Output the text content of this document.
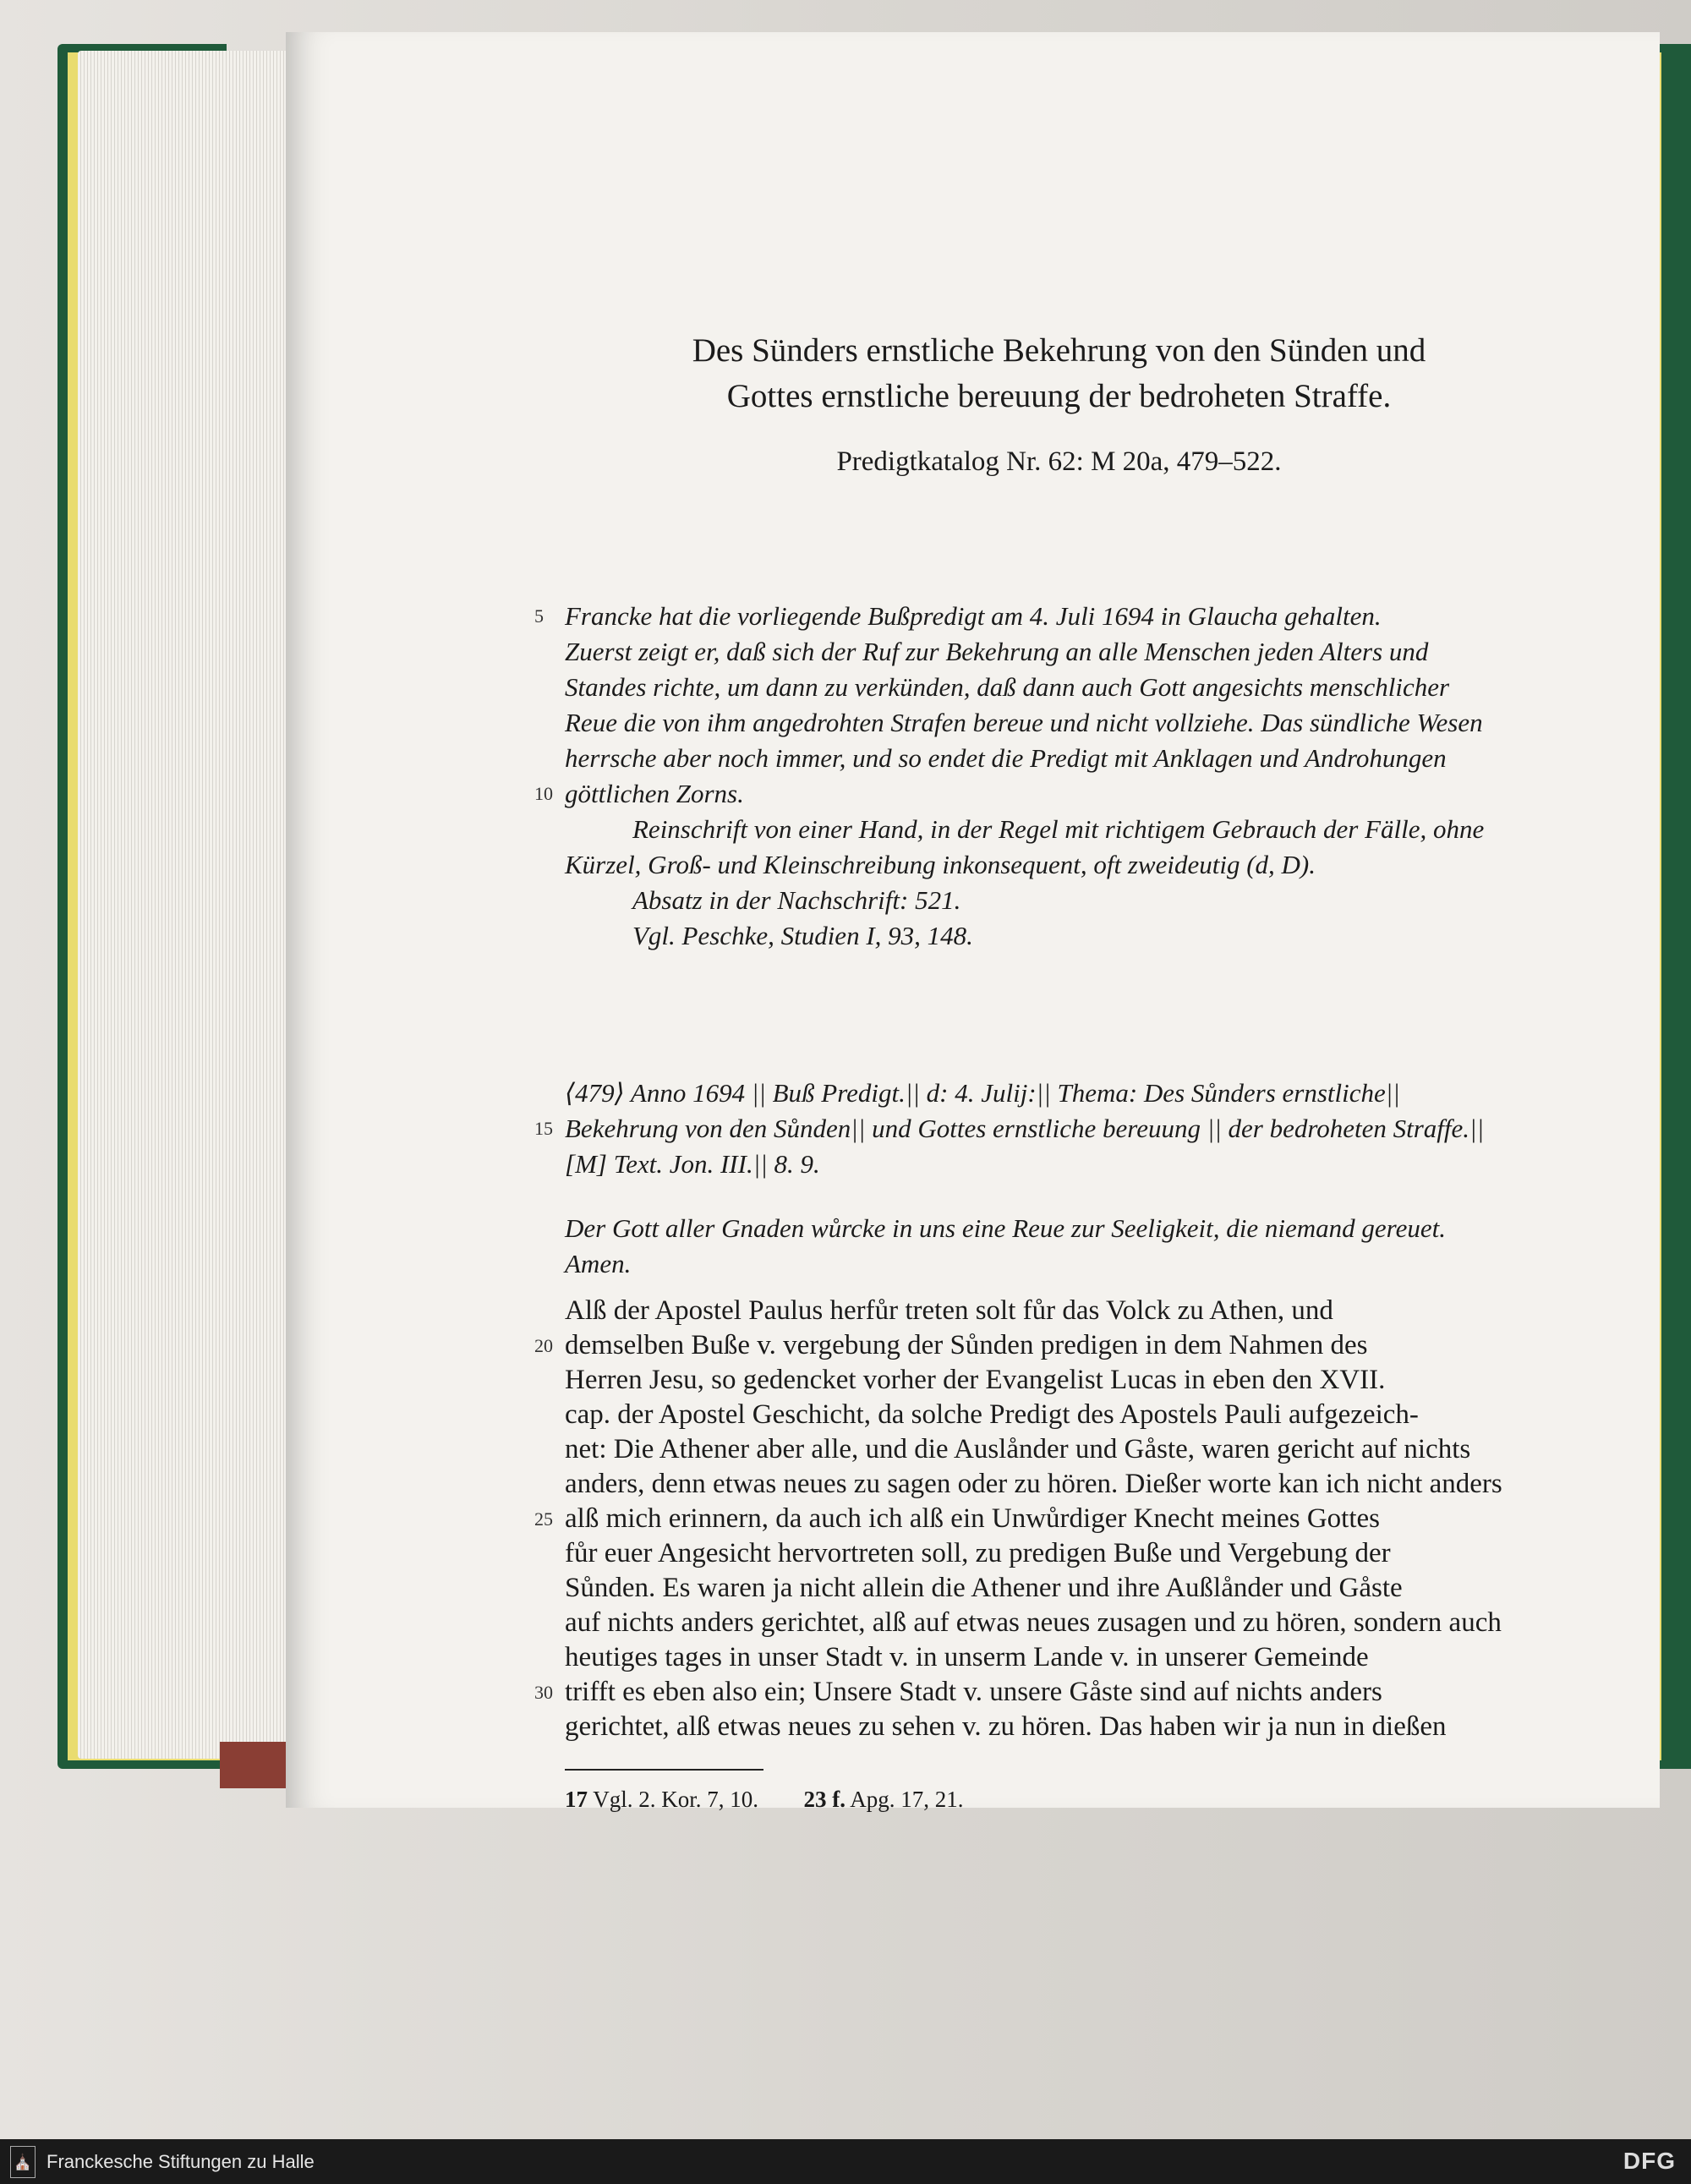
Des Sünders ernstliche Bekehrung von den Sünden und
Gottes ernstliche bereuung der bedroheten Straffe.
Predigtkatalog Nr. 62: M 20a, 479–522.
Francke hat die vorliegende Bußpredigt am 4. Juli 1694 in Glaucha gehalten.
Zuerst zeigt er, daß sich der Ruf zur Bekehrung an alle Menschen jeden Alters und
Standes richte, um dann zu verkünden, daß dann auch Gott angesichts menschlicher
Reue die von ihm angedrohten Strafen bereue und nicht vollziehe. Das sündliche Wesen
herrsche aber noch immer, und so endet die Predigt mit Anklagen und Androhungen
göttlichen Zorns.
Reinschrift von einer Hand, in der Regel mit richtigem Gebrauch der Fälle, ohne
Kürzel, Groß- und Kleinschreibung inkonsequent, oft zweideutig (d, D).
Absatz in der Nachschrift: 521.
Vgl. Peschke, Studien I, 93, 148.
⟨479⟩ Anno 1694 || Buß Predigt.|| d: 4. Julij:|| Thema: Des Sůnders ernstliche||
Bekehrung von den Sůnden|| und Gottes ernstliche bereuung || der bedroheten Straffe.||
[M] Text. Jon. III.|| 8. 9.
Der Gott aller Gnaden wůrcke in uns eine Reue zur Seeligkeit, die niemand gereuet.
Amen.
Alß der Apostel Paulus herfůr treten solt fůr das Volck zu Athen, und
demselben Buße v. vergebung der Sůnden predigen in dem Nahmen des
Herren Jesu, so gedencket vorher der Evangelist Lucas in eben den XVII.
cap. der Apostel Geschicht, da solche Predigt des Apostels Pauli aufgezeich-
net: Die Athener aber alle, und die Auslånder und Gåste, waren gericht auf nichts
anders, denn etwas neues zu sagen oder zu hören. Dießer worte kan ich nicht anders
alß mich erinnern, da auch ich alß ein Unwůrdiger Knecht meines Gottes
fůr euer Angesicht hervortreten soll, zu predigen Buße und Vergebung der
Sůnden. Es waren ja nicht allein die Athener und ihre Außlånder und Gåste
auf nichts anders gerichtet, alß auf etwas neues zusagen und zu hören, sondern auch
heutiges tages in unser Stadt v. in unserm Lande v. in unserer Gemeinde
trifft es eben also ein; Unsere Stadt v. unsere Gåste sind auf nichts anders
gerichtet, alß etwas neues zu sehen v. zu hören. Das haben wir ja nun in dießen
5
10
15
20
25
30
17 Vgl. 2. Kor. 7, 10. 23 f. Apg. 17, 21.
⛪ Franckesche Stiftungen zu Halle	DFG
